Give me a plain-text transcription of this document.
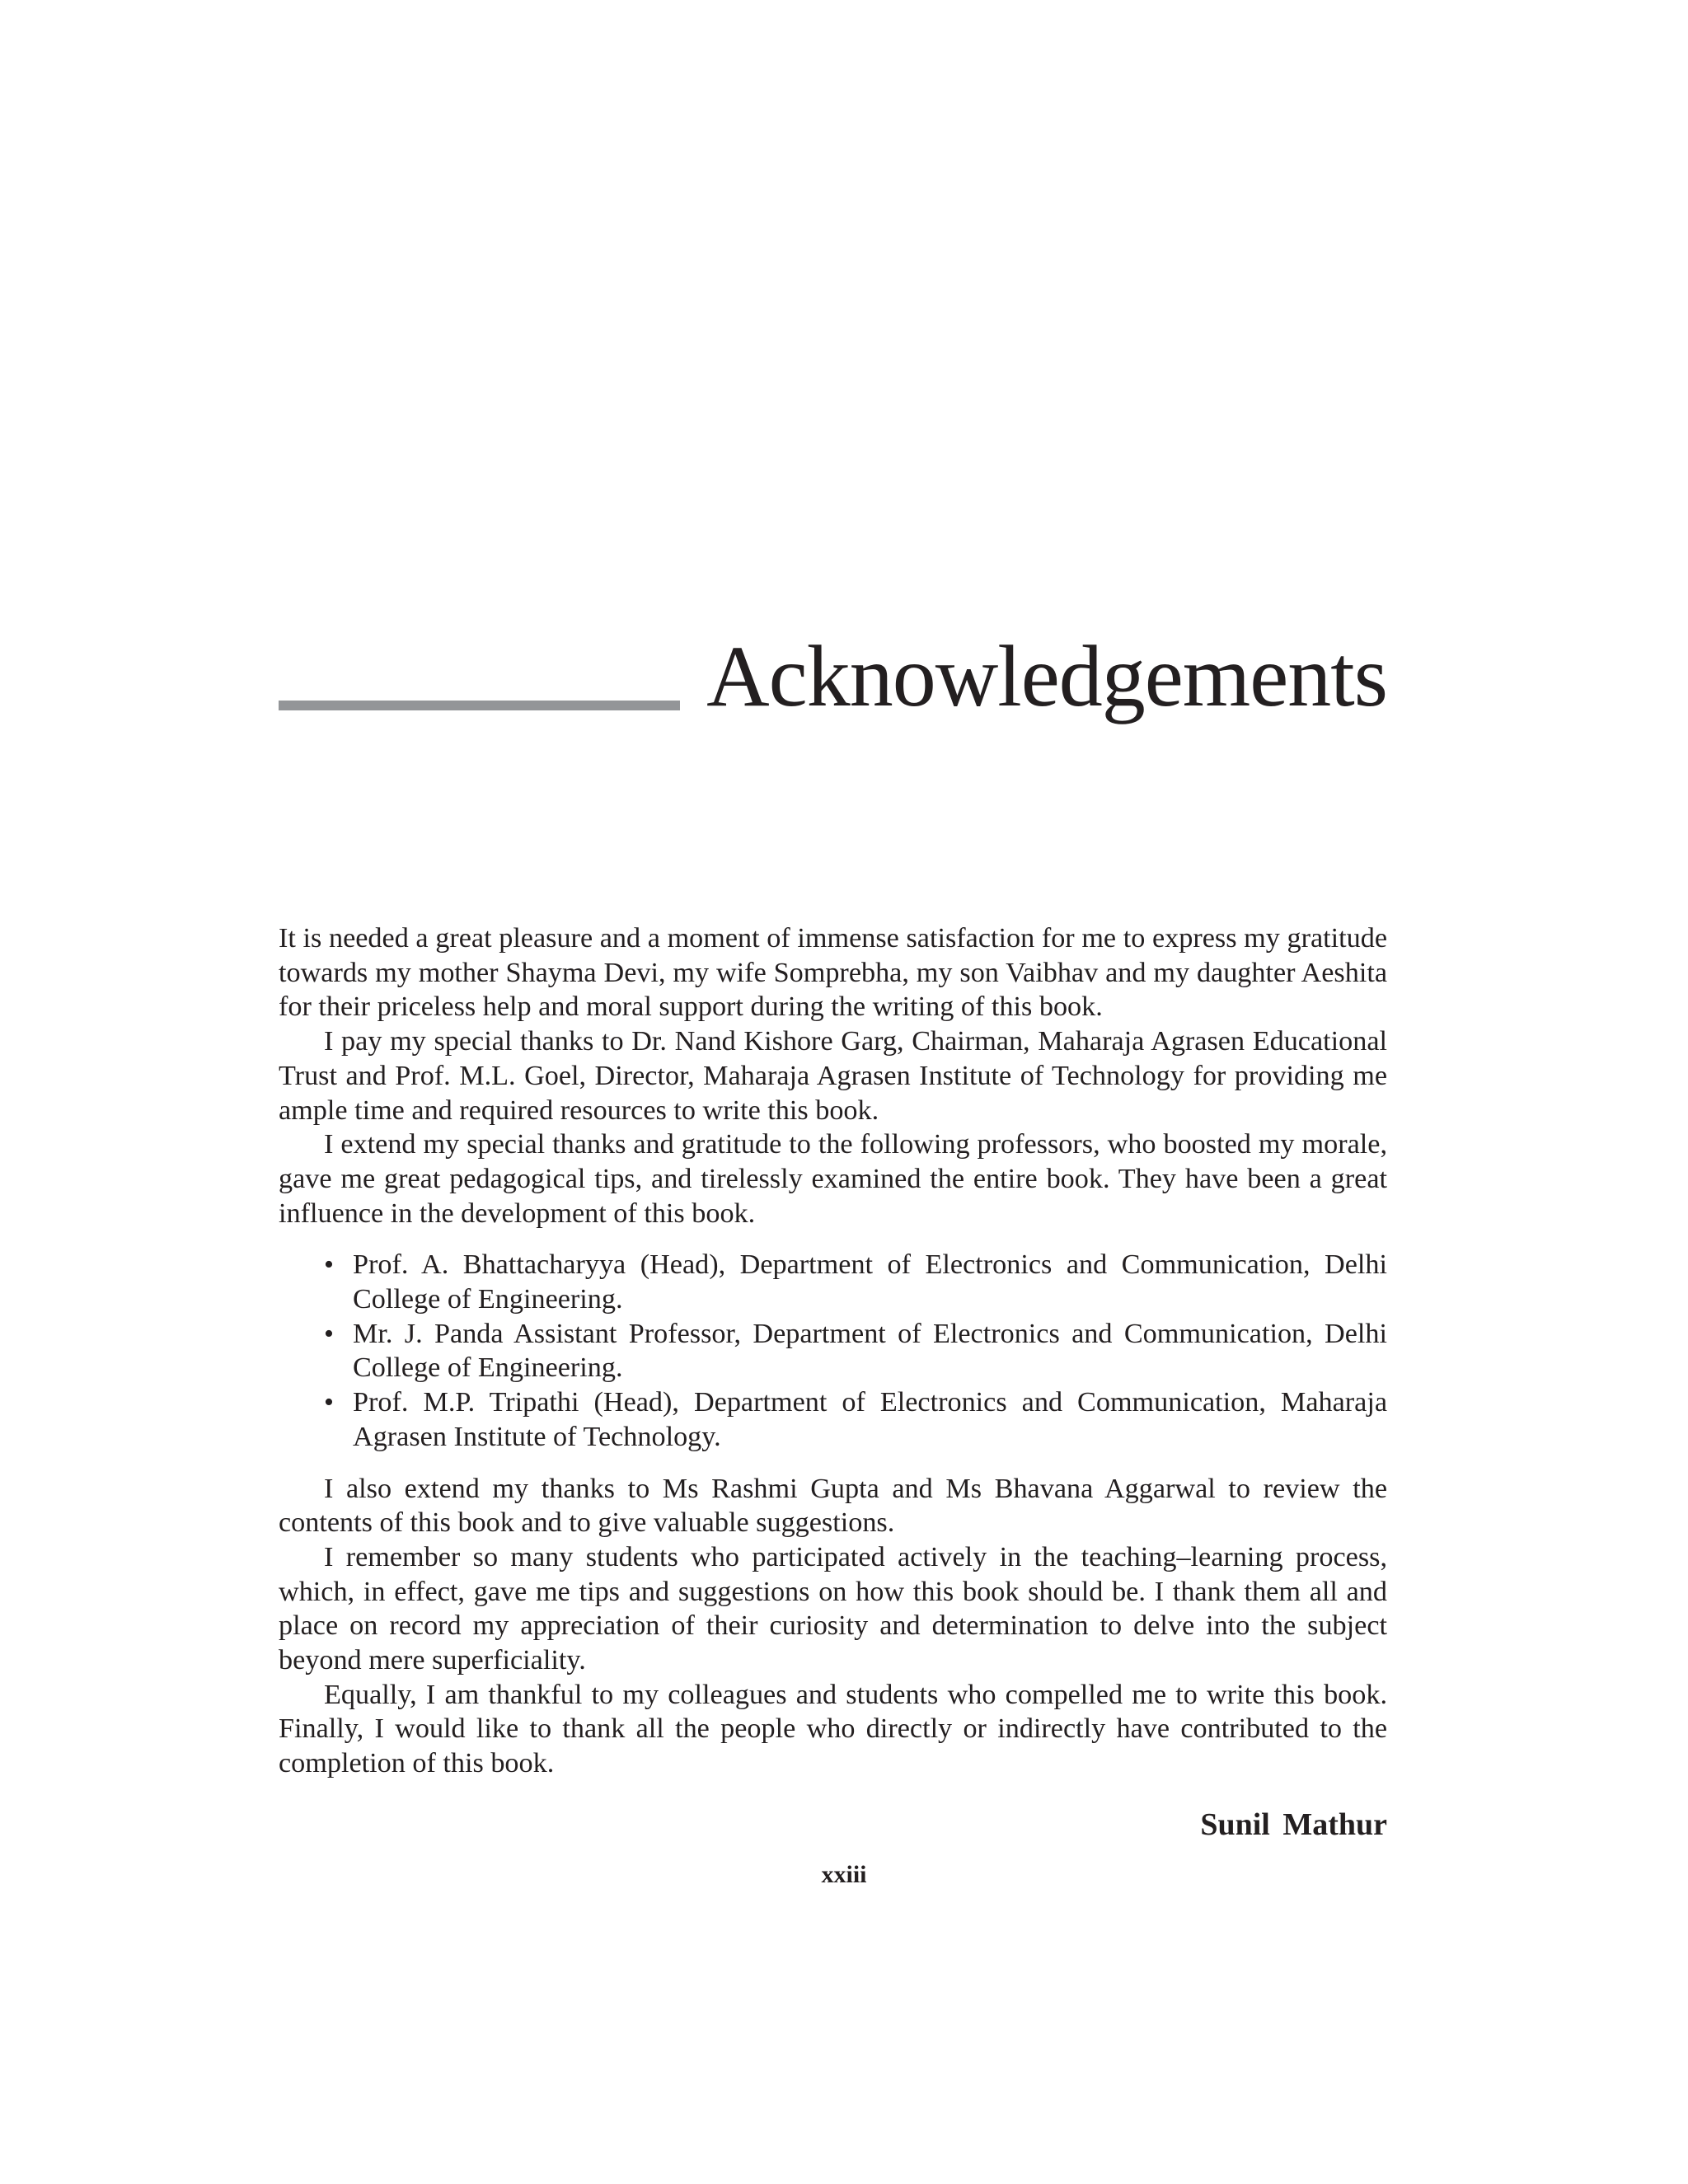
Acknowledgements

It is needed a great pleasure and a moment of immense satisfaction for me to express my gratitude towards my mother Shayma Devi, my wife Somprebha, my son Vaibhav and my daughter Aeshita for their priceless help and moral support during the writing of this book.

I pay my special thanks to Dr. Nand Kishore Garg, Chairman, Maharaja Agrasen Educational Trust and Prof. M.L. Goel, Director, Maharaja Agrasen Institute of Technology for providing me ample time and required resources to write this book.

I extend my special thanks and gratitude to the following professors, who boosted my morale, gave me great pedagogical tips, and tirelessly examined the entire book. They have been a great influence in the development of this book.

• Prof. A. Bhattacharyya (Head), Department of Electronics and Communication, Delhi College of Engineering.
• Mr. J. Panda Assistant Professor, Department of Electronics and Communication, Delhi College of Engineering.
• Prof. M.P. Tripathi (Head), Department of Electronics and Communication, Maharaja Agrasen Institute of Technology.

I also extend my thanks to Ms Rashmi Gupta and Ms Bhavana Aggarwal to review the contents of this book and to give valuable suggestions.

I remember so many students who participated actively in the teaching–learning process, which, in effect, gave me tips and suggestions on how this book should be. I thank them all and place on record my appreciation of their curiosity and determination to delve into the subject beyond mere superficiality.

Equally, I am thankful to my colleagues and students who compelled me to write this book. Finally, I would like to thank all the people who directly or indirectly have contributed to the completion of this book.

Sunil Mathur

xxiii
